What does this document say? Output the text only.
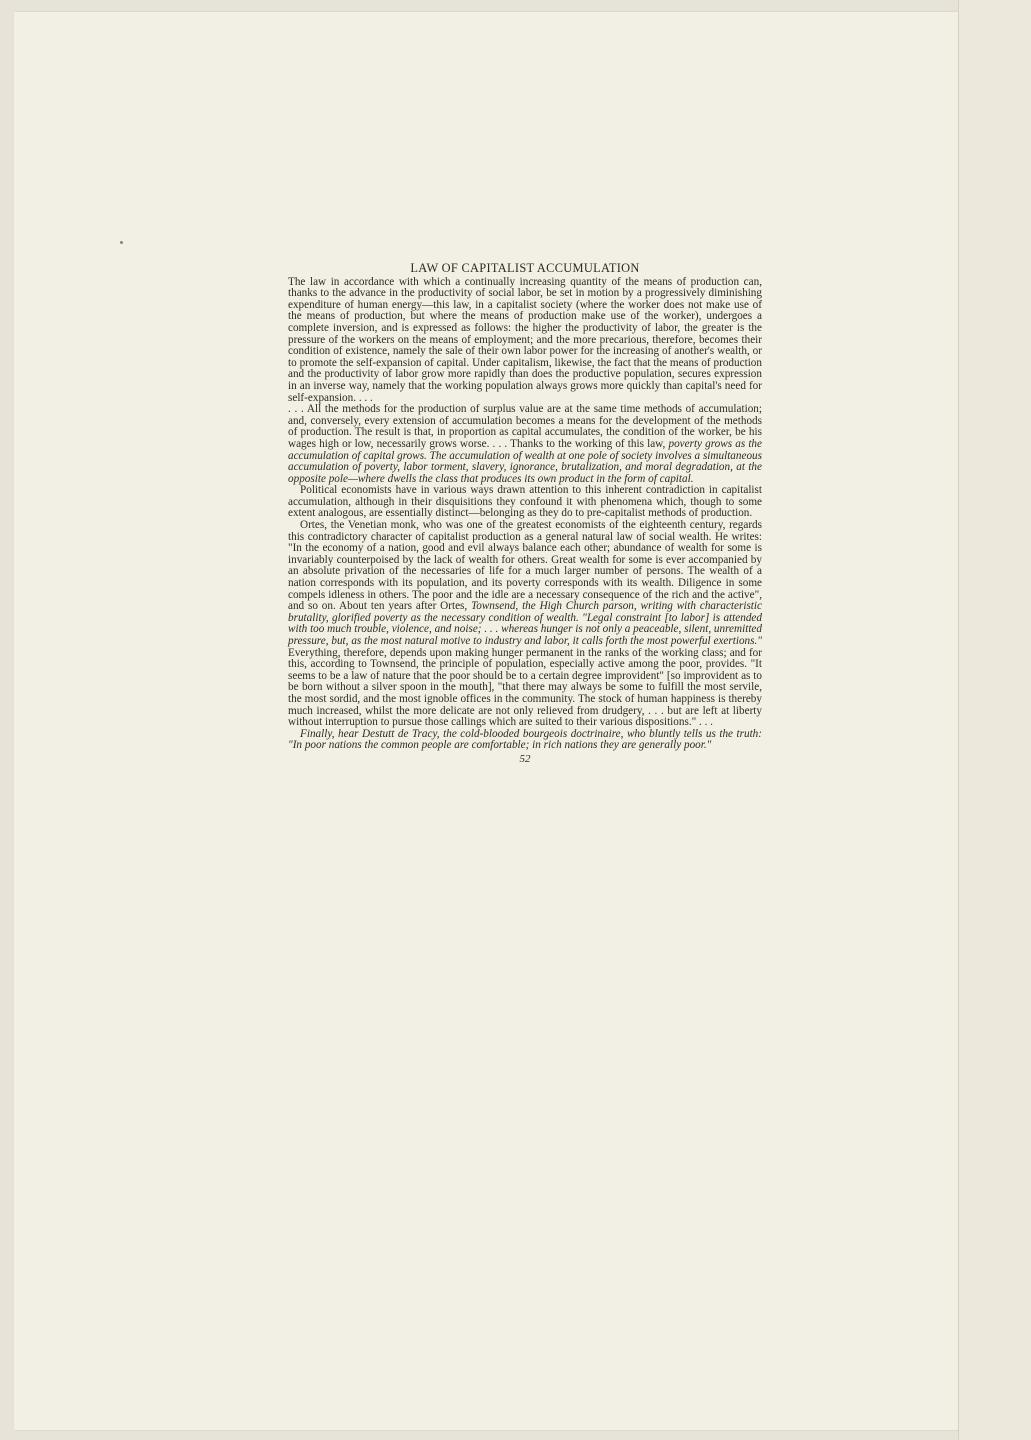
LAW OF CAPITALIST ACCUMULATION

The law in accordance with which a continually increasing quantity of the means of production can, thanks to the advance in the productivity of social labor, be set in motion by a progressively diminishing expenditure of human energy—this law, in a capitalist society (where the worker does not make use of the means of production, but where the means of production make use of the worker), undergoes a complete inversion, and is expressed as follows: the higher the productivity of labor, the greater is the pressure of the workers on the means of employment; and the more precarious, therefore, becomes their condition of existence, namely the sale of their own labor power for the increasing of another's wealth, or to promote the self-expansion of capital. Under capitalism, likewise, the fact that the means of production and the productivity of labor grow more rapidly than does the productive population, secures expression in an inverse way, namely that the working population always grows more quickly than capital's need for self-expansion. . . .

. . . All the methods for the production of surplus value are at the same time methods of accumulation; and, conversely, every extension of accumulation becomes a means for the development of the methods of production. The result is that, in proportion as capital accumulates, the condition of the worker, be his wages high or low, necessarily grows worse. . . . Thanks to the working of this law, poverty grows as the accumulation of capital grows. The accumulation of wealth at one pole of society involves a simultaneous accumulation of poverty, labor torment, slavery, ignorance, brutalization, and moral degradation, at the opposite pole—where dwells the class that produces its own product in the form of capital.

Political economists have in various ways drawn attention to this inherent contradiction in capitalist accumulation, although in their disquisitions they confound it with phenomena which, though to some extent analogous, are essentially distinct—belonging as they do to pre-capitalist methods of production.

Ortes, the Venetian monk, who was one of the greatest economists of the eighteenth century, regards this contradictory character of capitalist production as a general natural law of social wealth. He writes: "In the economy of a nation, good and evil always balance each other; abundance of wealth for some is invariably counterpoised by the lack of wealth for others. Great wealth for some is ever accompanied by an absolute privation of the necessaries of life for a much larger number of persons. The wealth of a nation corresponds with its population, and its poverty corresponds with its wealth. Diligence in some compels idleness in others. The poor and the idle are a necessary consequence of the rich and the active", and so on. About ten years after Ortes, Townsend, the High Church parson, writing with characteristic brutality, glorified poverty as the necessary condition of wealth. "Legal constraint [to labor] is attended with too much trouble, violence, and noise; . . . whereas hunger is not only a peaceable, silent, unremitted pressure, but, as the most natural motive to industry and labor, it calls forth the most powerful exertions." Everything, therefore, depends upon making hunger permanent in the ranks of the working class; and for this, according to Townsend, the principle of population, especially active among the poor, provides. "It seems to be a law of nature that the poor should be to a certain degree improvident" [so improvident as to be born without a silver spoon in the mouth], "that there may always be some to fulfill the most servile, the most sordid, and the most ignoble offices in the community. The stock of human happiness is thereby much increased, whilst the more delicate are not only relieved from drudgery, . . . but are left at liberty without interruption to pursue those callings which are suited to their various dispositions." . . .

Finally, hear Destutt de Tracy, the cold-blooded bourgeois doctrinaire, who bluntly tells us the truth: "In poor nations the common people are comfortable; in rich nations they are generally poor."

52
